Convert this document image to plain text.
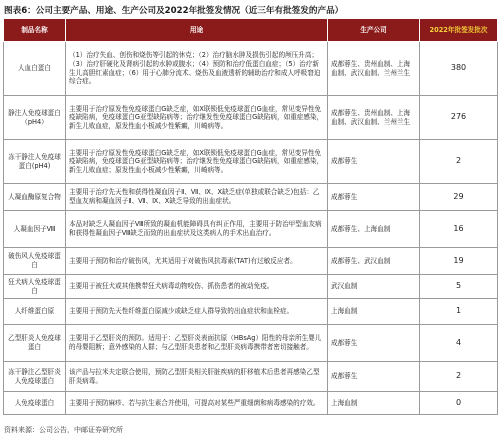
图表6：公司主要产品、用途、生产公司及2022年批签发情况（近三年有批签发的产品）
制品名称	用途	生产公司	2022年批签发批次
人血白蛋白	（1）治疗失血、创伤和烧伤等引起的休克；（2）治疗脑水肿及损伤引起的颅压升高；（3）治疗肝硬化及肾病引起的水肿或腹水；（4）预防和治疗低蛋白血症；（5）治疗新生儿高胆红素血症；（6）用于心肺分流术、烧伤及血液透析的辅助治疗和成人呼吸窘迫综合症。	成都蓉生、贵州血制、上海血制、武汉血制、兰州兰生	380
静注人免疫球蛋白（pH4）	主要用于治疗原发性免疫球蛋白G缺乏症，如X联锁低免疫球蛋白G血症，常见变异性免疫缺陷病，免疫球蛋白G亚型缺陷病等；治疗继发性免疫球蛋白G缺陷病，如重症感染，新生儿败血症，原发性血小板减少性紫癜，川崎病等。	成都蓉生、贵州血制、上海血制、武汉血制、兰州兰生	276
冻干静注人免疫球蛋白(pH4)	主要用于治疗原发性免疫球蛋白G缺乏症，如X联锁低免疫球蛋白G血症，常见变异性免疫缺陷病，免疫球蛋白G亚型缺陷病等；治疗继发性免疫球蛋白G缺陷病，如重症感染，新生儿败血症；原发性血小板减少性紫癜，川崎病等。	成都蓉生	2
人凝血酶原复合物	主要用于治疗先天性和获得性凝血因子Ⅱ、Ⅶ、Ⅸ、Ⅹ缺乏症(单独或联合缺乏)包括：乙型血友病和凝血因子Ⅱ、Ⅶ、Ⅸ、Ⅹ缺乏导致的出血症状。	成都蓉生	29
人凝血因子Ⅷ	本品对缺乏人凝血因子Ⅷ所致的凝血机能障碍具有纠正作用，主要用于防治甲型血友病和获得性凝血因子Ⅷ缺乏而致的出血症状及这类病人的手术出血治疗。	成都蓉生、上海血制	16
破伤风人免疫球蛋白	主要用于预防和治疗破伤风，尤其适用于对破伤风抗毒素(TAT)有过敏反应者。	成都蓉生、武汉血制	19
狂犬病人免疫球蛋白	主要用于被狂犬或其他携带狂犬病毒动物咬伤、抓伤患者的被动免疫。	武汉血制	5
人纤维蛋白原	主要用于预防先天性纤维蛋白原减少或缺乏症人群导致的出血症状和血栓症。	上海血制	1
乙型肝炎人免疫球蛋白	主要用于乙型肝炎的预防。适用于：乙型肝炎表面抗原（HBsAg）阳性的母亲所生婴儿的母婴阻断；意外感染的人群；与乙型肝炎患者和乙型肝炎病毒携带者密切接触者。	成都蓉生	4
冻干静注乙型肝炎人免疫球蛋白	该产品与拉米夫定联合使用，预防乙型肝炎相关肝脏疾病的肝移植术后患者再感染乙型肝炎病毒。	成都蓉生	2
人免疫球蛋白	主要用于预防麻疹、若与抗生素合并使用，可提高对某些严重细菌和病毒感染的疗效。	上海血制	0
资料来源：公司公告，中邮证券研究所
